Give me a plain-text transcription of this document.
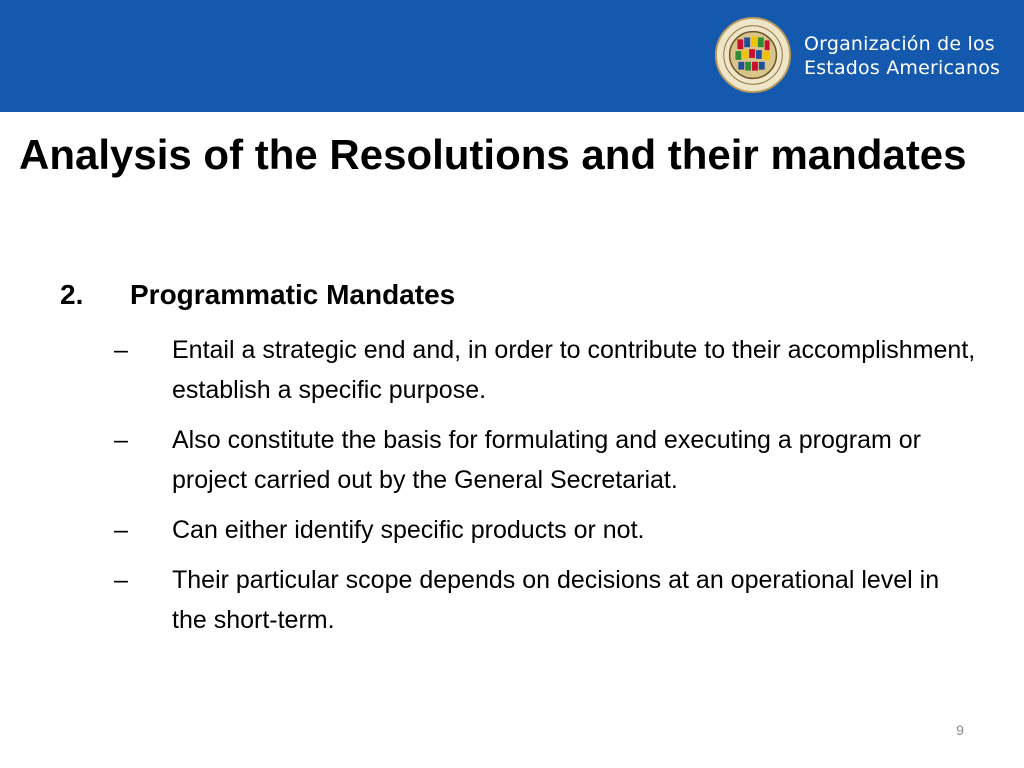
Organización de los
Estados Americanos
Analysis of the Resolutions and their mandates
2. Programmatic Mandates
– Entail a strategic end and, in order to contribute to their accomplishment, establish a specific purpose.
– Also constitute the basis for formulating and executing a program or project carried out by the General Secretariat.
– Can either identify specific products or not.
– Their particular scope depends on decisions at an operational level in the short-term.
9
